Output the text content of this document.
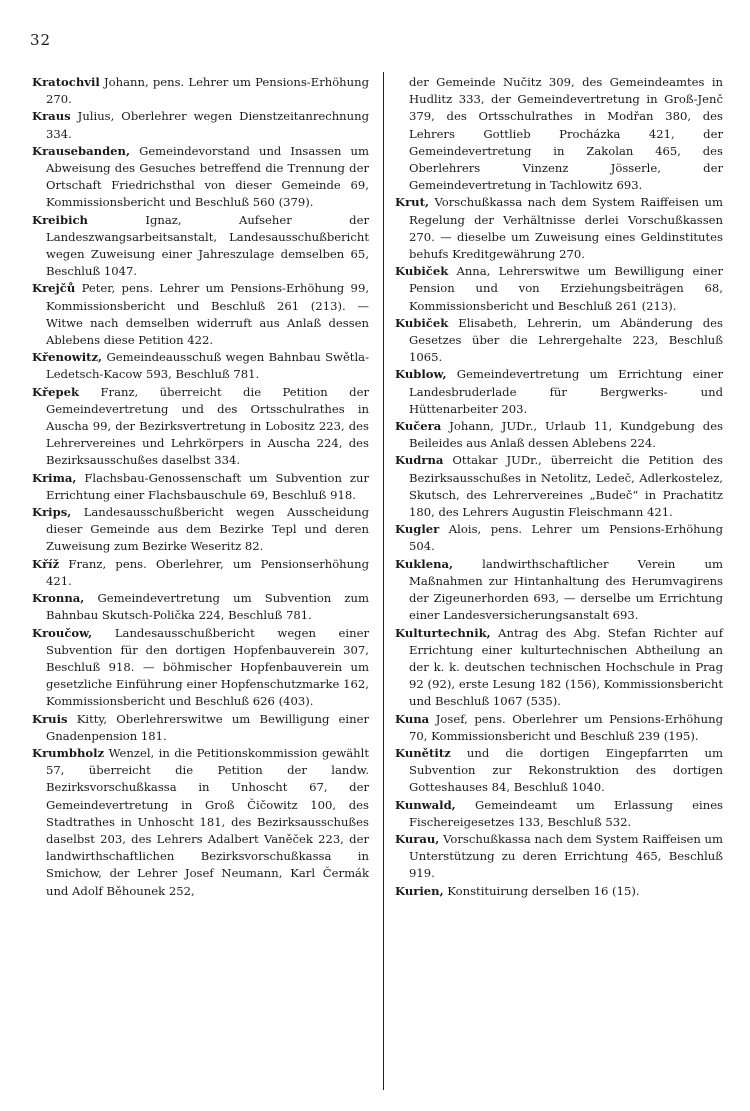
32

Kratochvil Johann, pens. Lehrer um Pensions-Erhöhung 270.

Kraus Julius, Oberlehrer wegen Dienstzeitanrechnung 334.

Krausebanden, Gemeindevorstand und Insassen um Abweisung des Gesuches betreffend die Trennung der Ortschaft Friedrichsthal von dieser Gemeinde 69, Kommissionsbericht und Beschluß 560 (379).

Kreibich	Ignaz, Aufseher der Landeszwangsarbeitsanstalt, Landesausschußbericht wegen Zuweisung einer Jahreszulage demselben 65, Beschluß 1047.

Krejčů Peter, pens. Lehrer um Pensions-Erhöhung 99, Kommissionsbericht und Beschluß 261 (213). — Witwe nach demselben widerruft aus Anlaß dessen Ablebens diese Petition 422.

Křenowitz, Gemeindeausschuß wegen Bahnbau Swětla-Ledetsch-Kacow 593, Beschluß 781.

Křepek Franz, überreicht die Petition der Gemeindevertretung und des Ortsschulrathes in Auscha 99, der Bezirksvertretung in Lobositz 223, des Lehrervereines und Lehrkörpers in Auscha 224, des Bezirksausschußes daselbst 334.

Krima, Flachsbau-Genossenschaft um Subvention zur Errichtung einer Flachsbauschule 69, Beschluß 918.

Krips, Landesausschußbericht wegen Ausscheidung dieser Gemeinde aus dem Bezirke Tepl und deren Zuweisung zum Bezirke Weseritz 82.

Kříž Franz, pens. Oberlehrer, um Pensionserhöhung 421.

Kronna, Gemeindevertretung um Subvention zum Bahnbau Skutsch-Polička 224, Beschluß 781.

Kroučow, Landesausschußbericht wegen einer Subvention für den dortigen Hopfenbauverein 307, Beschluß 918. — böhmischer Hopfenbauverein um gesetzliche Einführung einer Hopfenschutzmarke 162, Kommissionsbericht und Beschluß 626 (403).

Kruis Kitty, Oberlehrerswitwe um Bewilligung einer Gnadenpension 181.

Krumbholz Wenzel, in die Petitionskommission gewählt 57, überreicht die Petition der landw. Bezirksvorschußkassa in Unhoscht 67, der Gemeindevertretung in Groß Čičowitz 100, des Stadtrathes in Unhoscht 181, des Bezirksausschußes daselbst 203, des Lehrers Adalbert Vaněček 223, der landwirthschaftlichen Bezirksvorschußkassa in Smichow, der Lehrer Josef Neumann, Karl Čermák und Adolf Běhounek 252,

der Gemeinde Nučitz 309, des Gemeindeamtes in Hudlitz 333, der Gemeindevertretung in Groß-Jenč 379, des Ortsschulrathes in Modřan 380, des Lehrers Gottlieb Procházka 421, der Gemeindevertretung in Zakolan 465, des Oberlehrers Vinzenz Jösserle, der Gemeindevertretung in Tachlowitz 693.

Krut, Vorschußkassa nach dem System Raiffeisen um Regelung der Verhältnisse derlei Vorschußkassen 270. — dieselbe um Zuweisung eines Geldinstitutes behufs Kreditgewährung 270.

Kubiček Anna, Lehrerswitwe um Bewilligung einer Pension und von Erziehungsbeiträgen 68, Kommissionsbericht und Beschluß 261 (213).

Kubiček Elisabeth, Lehrerin, um Abänderung des Gesetzes über die Lehrergehalte 223, Beschluß 1065.

Kublow, Gemeindevertretung um Errichtung einer Landesbruderlade für Bergwerks- und Hüttenarbeiter 203.

Kučera Johann, JUDr., Urlaub 11, Kundgebung des Beileides aus Anlaß dessen Ablebens 224.

Kudrna Ottakar JUDr., überreicht die Petition des Bezirksausschußes in Netolitz, Ledeč, Adlerkostelez, Skutsch, des Lehrervereines „Budeč“ in Prachatitz 180, des Lehrers Augustin Fleischmann 421.

Kugler Alois, pens. Lehrer um Pensions-Erhöhung 504.

Kuklena,	landwirthschaftlicher Verein um Maßnahmen zur Hintanhaltung des Herumvagirens der Zigeunerhorden 693, — derselbe um Errichtung einer Landesversicherungsanstalt 693.

Kulturtechnik, Antrag des Abg. Stefan Richter auf Errichtung einer kulturtechnischen Abtheilung an der k. k. deutschen technischen Hochschule in Prag 92 (92), erste Lesung 182 (156), Kommissionsbericht und Beschluß 1067 (535).

Kuna Josef, pens. Oberlehrer um Pensions-Erhöhung 70, Kommissionsbericht und Beschluß 239 (195).

Kunětitz und die dortigen Eingepfarrten um Subvention zur Rekonstruktion des dortigen Gotteshauses 84, Beschluß 1040.

Kunwald, Gemeindeamt um Erlassung eines Fischereigesetzes 133, Beschluß 532.

Kurau, Vorschußkassa nach dem System Raiffeisen um Unterstützung zu deren Errichtung 465, Beschluß 919.

Kurien, Konstituirung derselben 16 (15).
